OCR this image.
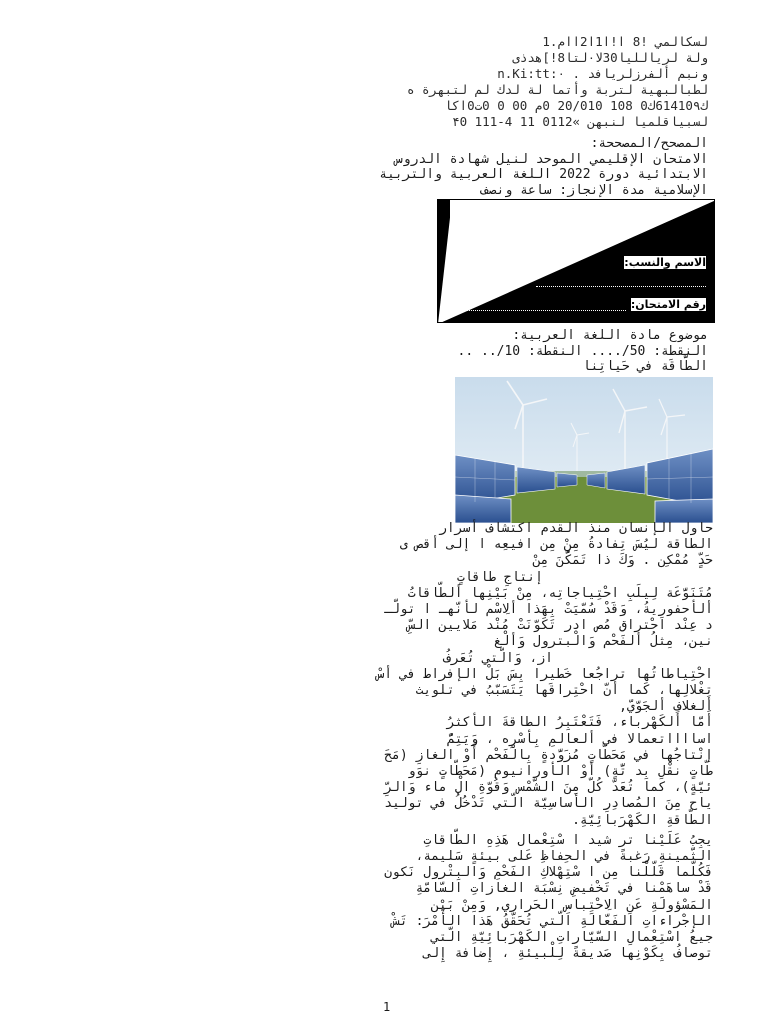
لسكالمي !8 ا!ا1ا2اام.1
ولة لريالليا30لا٠لتا8!]هدذى
ونبم ألفرزلريافد . ٠:n.Ki:tt
لطبالبهية لتربة وأتما لة لدك لم لتبهرة ه
ك61410۹ك0 108 20/010 0م 00 0 0ت0اكا
لسبياقلميا لنبهن »0112 11 4-111 ۴0
المصحح/المصححة:
الامتحان الإقليمي الموحد لنيل شهادة الدروس
الابتدائية دورة 2022 اللغة العربية والتربية
الإسلامية مدة الإنجاز: ساعة ونصف
الاسم والنسب:
رقم الامتحان:
موضوع مادة اللغة العربية:
النقطة: 50/.... النقطة: 10/.. ..
الطَّاقَة في حَياتِنا
حاول الإنسان منذ القدم اكتشاف أسرار
الطاقة ليُسَ تِفادةُ مِنْ مِن افيعِه ا إلى أقص ى
حَدٍّ مُمْكِن . وَكَ ذا تَمَكُّنَ مِنْ
إنتاجِ طاقاتٍ
مُتَنَوَّعَة لِيلَبِ احْتِياجاتِه، مِنْ بَيْنِها ألطّاقاتُ
ألأحفورِيةُ، وَقَدْ سُمّيَتْ بِهَذا ألِاسْم لأنّهـ ا تولّـ
د عِنْد احْتراق مُص ادر تَكَوّنَتْ مُنْد مَلايين السِّ
نين، مِثلُ ألفَحْم وَالْبترول وَألْغ
از، وَالّتي تُعَرفُ
احْتِياطاتُها تراجُعا خَطيرا بِسَ بَلْ الإفراط في أسْ
تِغْلالِها، كَما أنّ احْتِراقَها يَتَسَبّبُ في تلويث
ألغلافِ ألجَوّيّ,
أَمّا ألكَهْرباء، فَتَعْتَبِرُ الطاقةَ الأكثرُ
اسااااتعمالا في ألعالمِ بِأسْرِه ، وَيَتِمُّ
إنْتاجُها في مَحَطّاتٍ مُزَوَّدةٍ بِالْفَحْم أَوْ الغازِ (مَحَ
طّاتٍ نقْلِ بِد تَّةٍ) أوْ الأورانيوم (مَحَطّاتٍ نوَو
ئيّةٍ)، كما تُعَدّ كُلّ مِنَ الشّمْس وَقُوّةِ الْ ماء وَالرِّ
ياح مِنَ المُصادِرِ الأساسِيّة الّتي تَدْخُلُ في توليد
الطّاقةِ الكَهْرَبائِيّةِ.
يجِبُ عَلَيْنا تر شيد ا سْتِعْمال هَذِهِ الطّاقاتِ
الثّمينةِ رَغبةً في الحِفاظِ عَلى بيئةٍ سَليمة،
فَكُلّما قَلّلْنا مِن ا سْتِهْلاكِ الفَحْمِ وَالبِتْرول نَكون
قَدْ ساهَمْنا في تَخْفيضِ نِسْبَة الغازاتِ السّامّةِ
المَسْؤولَةِ عَنِ الِاحْتِباسِ الحَراري, وَمِنْ بَيْن
الإجْراءاتِ الفَعّالَةِ الّتي تُحَقّقُ هَذا الأَمْرَ: تَشْ
جيعُ اسْتِعْمالِ السّيّاراتِ الكَهْرَبائِيّةِ الّتي
توصافُ بِكَوْنِها صَديقةً لِلْبيئةِ ، إِضافة إِلى
1
